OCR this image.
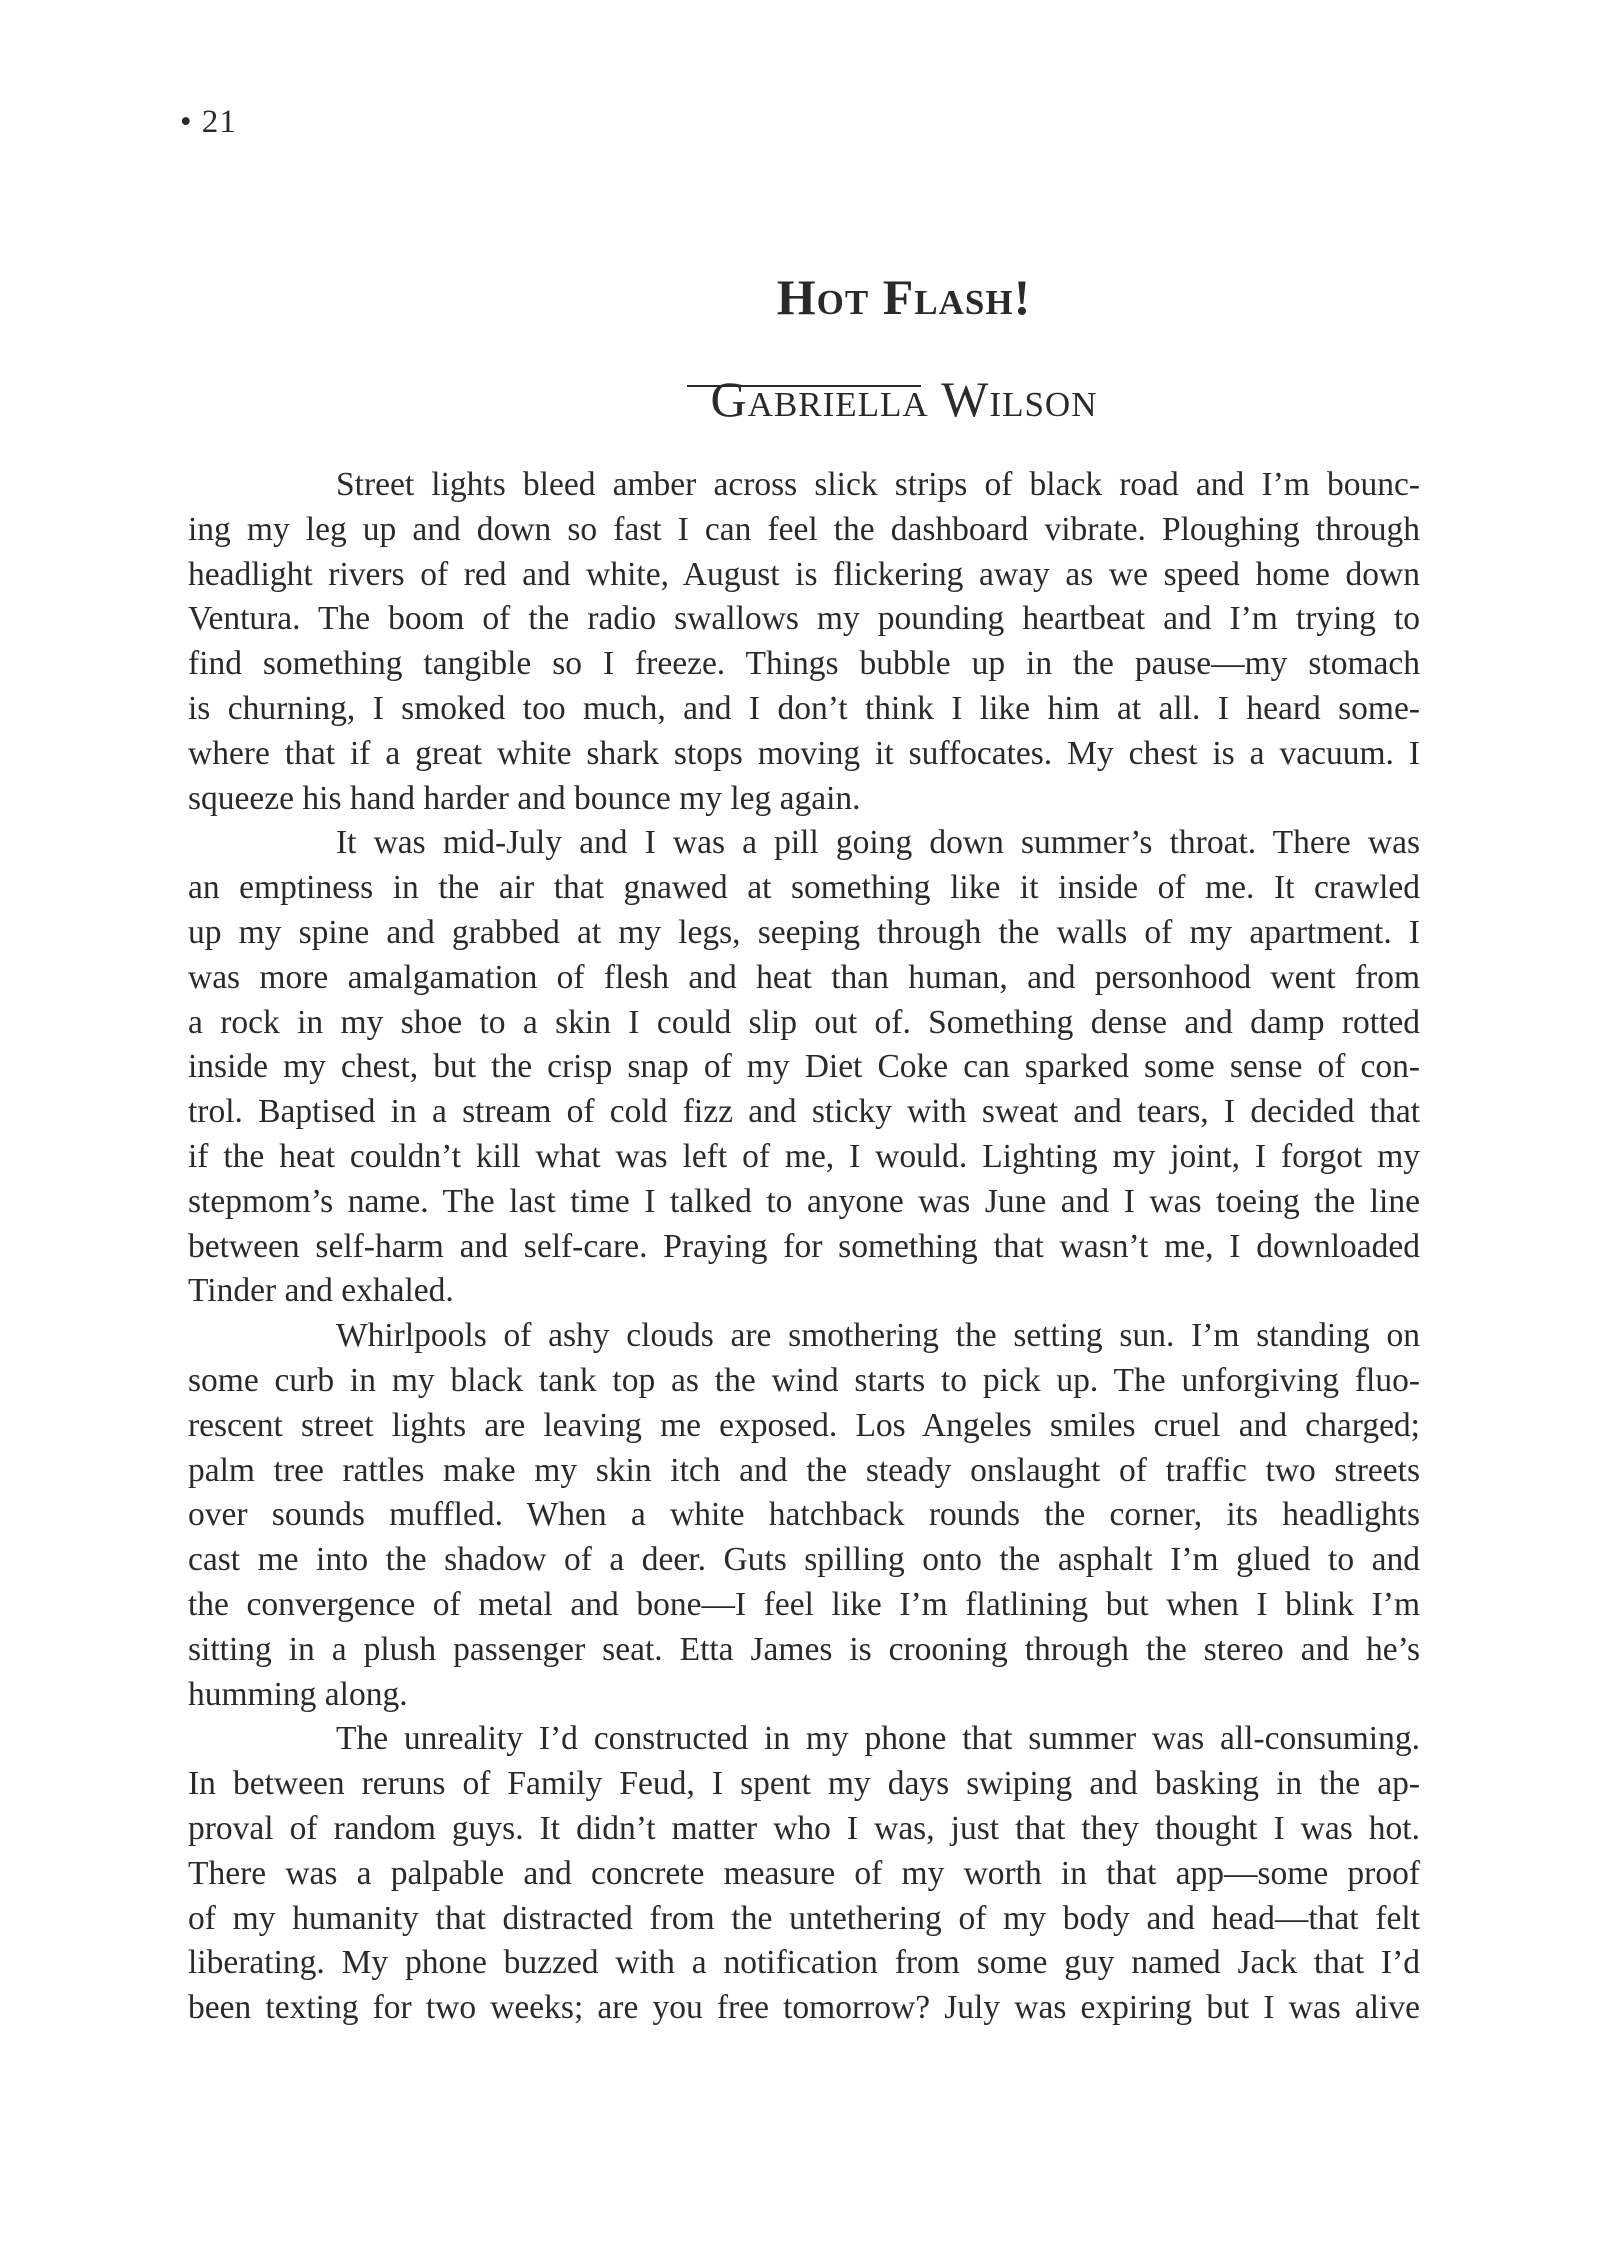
• 21
Hot Flash!
Gabriella Wilson
Street lights bleed amber across slick strips of black road and I’m bounc-
ing my leg up and down so fast I can feel the dashboard vibrate. Ploughing through
headlight rivers of red and white, August is flickering away as we speed home down
Ventura. The boom of the radio swallows my pounding heartbeat and I’m trying to
find something tangible so I freeze. Things bubble up in the pause—my stomach
is churning, I smoked too much, and I don’t think I like him at all. I heard some-
where that if a great white shark stops moving it suffocates. My chest is a vacuum. I
squeeze his hand harder and bounce my leg again.
It was mid-July and I was a pill going down summer’s throat. There was
an emptiness in the air that gnawed at something like it inside of me. It crawled
up my spine and grabbed at my legs, seeping through the walls of my apartment. I
was more amalgamation of flesh and heat than human, and personhood went from
a rock in my shoe to a skin I could slip out of. Something dense and damp rotted
inside my chest, but the crisp snap of my Diet Coke can sparked some sense of con-
trol. Baptised in a stream of cold fizz and sticky with sweat and tears, I decided that
if the heat couldn’t kill what was left of me, I would. Lighting my joint, I forgot my
stepmom’s name. The last time I talked to anyone was June and I was toeing the line
between self-harm and self-care. Praying for something that wasn’t me, I downloaded
Tinder and exhaled.
Whirlpools of ashy clouds are smothering the setting sun. I’m standing on
some curb in my black tank top as the wind starts to pick up. The unforgiving fluo-
rescent street lights are leaving me exposed. Los Angeles smiles cruel and charged;
palm tree rattles make my skin itch and the steady onslaught of traffic two streets
over sounds muffled. When a white hatchback rounds the corner, its headlights
cast me into the shadow of a deer. Guts spilling onto the asphalt I’m glued to and
the convergence of metal and bone—I feel like I’m flatlining but when I blink I’m
sitting in a plush passenger seat. Etta James is crooning through the stereo and he’s
humming along.
The unreality I’d constructed in my phone that summer was all-consuming.
In between reruns of Family Feud, I spent my days swiping and basking in the ap-
proval of random guys. It didn’t matter who I was, just that they thought I was hot.
There was a palpable and concrete measure of my worth in that app—some proof
of my humanity that distracted from the untethering of my body and head—that felt
liberating. My phone buzzed with a notification from some guy named Jack that I’d
been texting for two weeks; are you free tomorrow? July was expiring but I was alive
